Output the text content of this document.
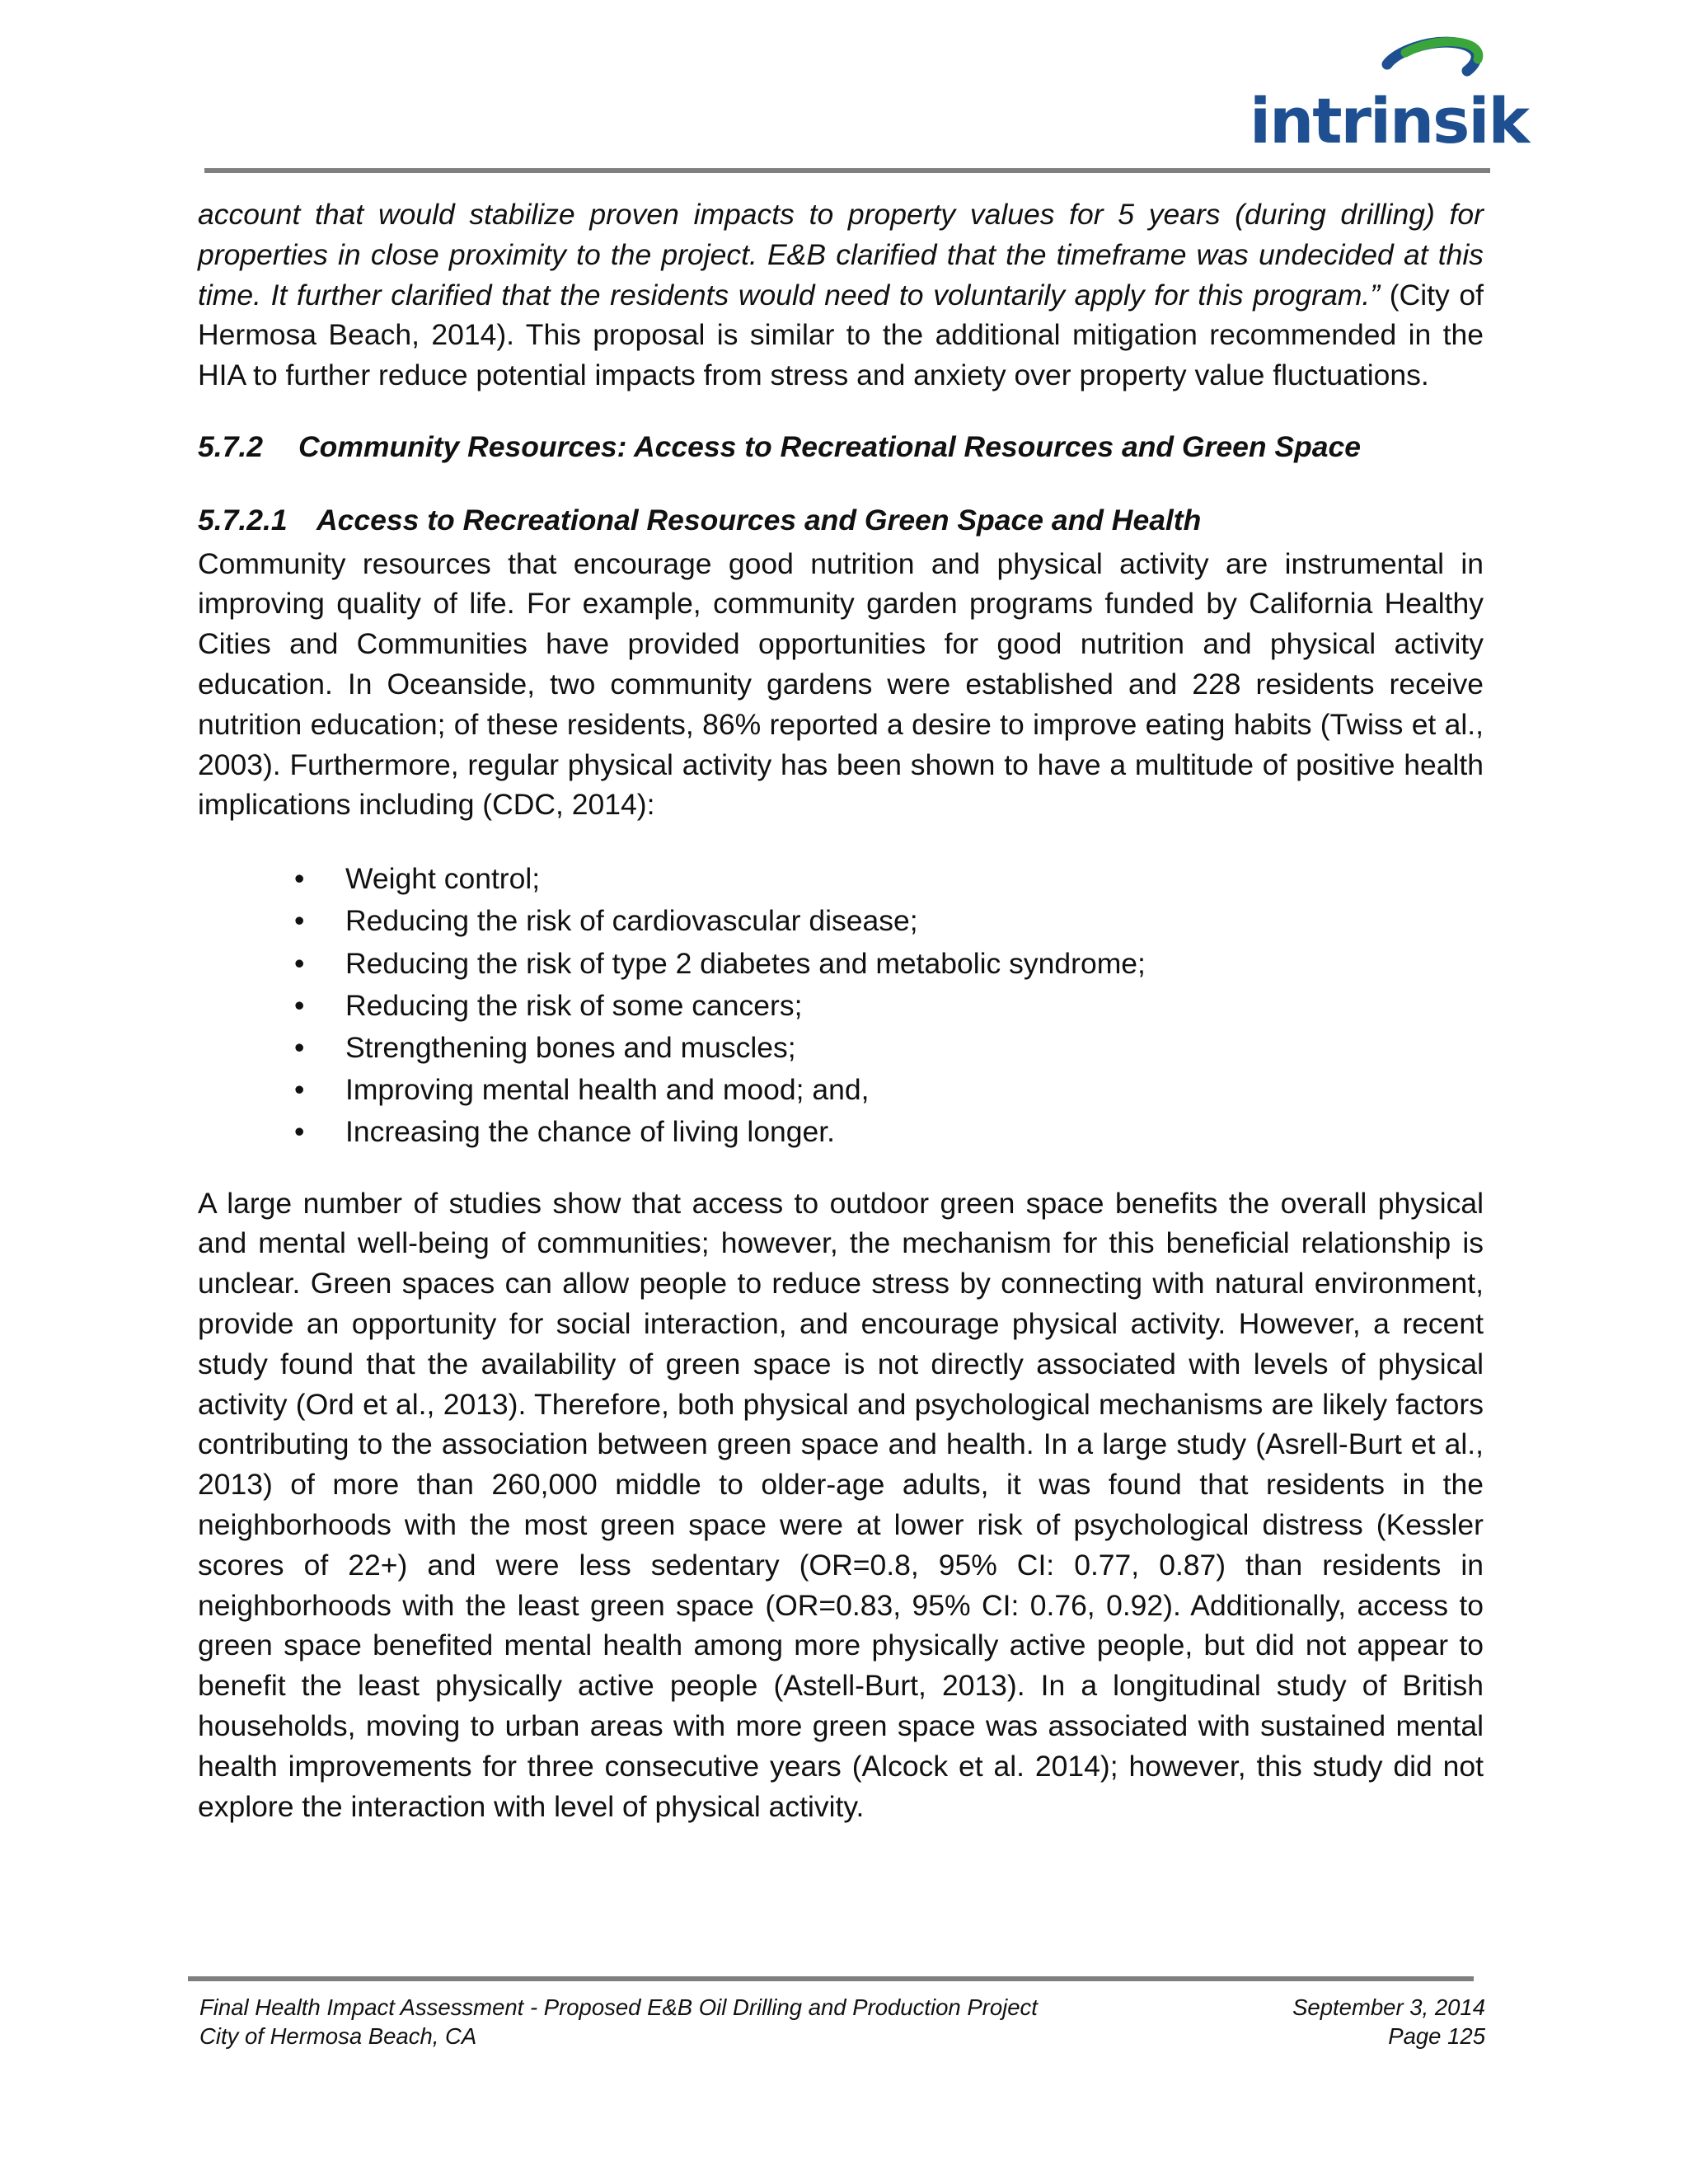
intrinsik

account that would stabilize proven impacts to property values for 5 years (during drilling) for properties in close proximity to the project. E&B clarified that the timeframe was undecided at this time. It further clarified that the residents would need to voluntarily apply for this program.” (City of Hermosa Beach, 2014). This proposal is similar to the additional mitigation recommended in the HIA to further reduce potential impacts from stress and anxiety over property value fluctuations.

5.7.2 Community Resources: Access to Recreational Resources and Green Space
5.7.2.1 Access to Recreational Resources and Green Space and Health

Community resources that encourage good nutrition and physical activity are instrumental in improving quality of life. For example, community garden programs funded by California Healthy Cities and Communities have provided opportunities for good nutrition and physical activity education. In Oceanside, two community gardens were established and 228 residents receive nutrition education; of these residents, 86% reported a desire to improve eating habits (Twiss et al., 2003). Furthermore, regular physical activity has been shown to have a multitude of positive health implications including (CDC, 2014):

• Weight control;
• Reducing the risk of cardiovascular disease;
• Reducing the risk of type 2 diabetes and metabolic syndrome;
• Reducing the risk of some cancers;
• Strengthening bones and muscles;
• Improving mental health and mood; and,
• Increasing the chance of living longer.

A large number of studies show that access to outdoor green space benefits the overall physical and mental well-being of communities; however, the mechanism for this beneficial relationship is unclear. Green spaces can allow people to reduce stress by connecting with natural environment, provide an opportunity for social interaction, and encourage physical activity. However, a recent study found that the availability of green space is not directly associated with levels of physical activity (Ord et al., 2013). Therefore, both physical and psychological mechanisms are likely factors contributing to the association between green space and health. In a large study (Asrell-Burt et al., 2013) of more than 260,000 middle to older-age adults, it was found that residents in the neighborhoods with the most green space were at lower risk of psychological distress (Kessler scores of 22+) and were less sedentary (OR=0.8, 95% CI: 0.77, 0.87) than residents in neighborhoods with the least green space (OR=0.83, 95% CI: 0.76, 0.92). Additionally, access to green space benefited mental health among more physically active people, but did not appear to benefit the least physically active people (Astell-Burt, 2013). In a longitudinal study of British households, moving to urban areas with more green space was associated with sustained mental health improvements for three consecutive years (Alcock et al. 2014); however, this study did not explore the interaction with level of physical activity.

Final Health Impact Assessment - Proposed E&B Oil Drilling and Production Project	September 3, 2014
City of Hermosa Beach, CA	Page 125
